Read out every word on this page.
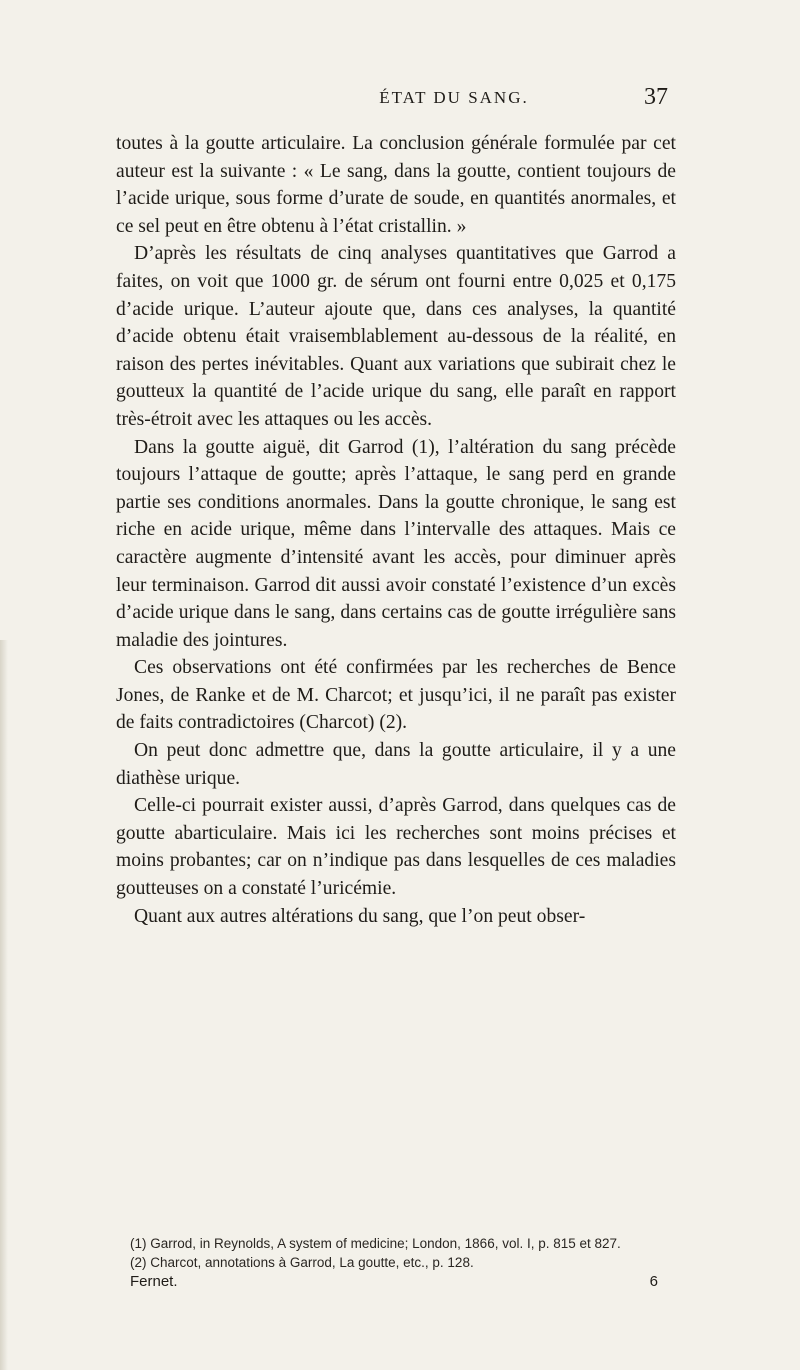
ÉTAT DU SANG.	37

toutes à la goutte articulaire. La conclusion générale formulée par cet auteur est la suivante : « Le sang, dans la goutte, contient toujours de l’acide urique, sous forme d’urate de soude, en quantités anormales, et ce sel peut en être obtenu à l’état cristallin. »

D’après les résultats de cinq analyses quantitatives que Garrod a faites, on voit que 1000 gr. de sérum ont fourni entre 0,025 et 0,175 d’acide urique. L’auteur ajoute que, dans ces analyses, la quantité d’acide obtenu était vraisemblablement au-dessous de la réalité, en raison des pertes inévitables. Quant aux variations que subirait chez le goutteux la quantité de l’acide urique du sang, elle paraît en rapport très-étroit avec les attaques ou les accès.

Dans la goutte aiguë, dit Garrod (1), l’altération du sang précède toujours l’attaque de goutte; après l’attaque, le sang perd en grande partie ses conditions anormales. Dans la goutte chronique, le sang est riche en acide urique, même dans l’intervalle des attaques. Mais ce caractère augmente d’intensité avant les accès, pour diminuer après leur terminaison. Garrod dit aussi avoir constaté l’existence d’un excès d’acide urique dans le sang, dans certains cas de goutte irrégulière sans maladie des jointures.

Ces observations ont été confirmées par les recherches de Bence Jones, de Ranke et de M. Charcot; et jusqu’ici, il ne paraît pas exister de faits contradictoires (Charcot) (2).

On peut donc admettre que, dans la goutte articulaire, il y a une diathèse urique.

Celle-ci pourrait exister aussi, d’après Garrod, dans quelques cas de goutte abarticulaire. Mais ici les recherches sont moins précises et moins probantes; car on n’indique pas dans lesquelles de ces maladies goutteuses on a constaté l’uricémie.

Quant aux autres altérations du sang, que l’on peut obser-

(1) Garrod, in Reynolds, A system of medicine; London, 1866, vol. I, p. 815 et 827.

(2) Charcot, annotations à Garrod, La goutte, etc., p. 128.

Fernet.	6
